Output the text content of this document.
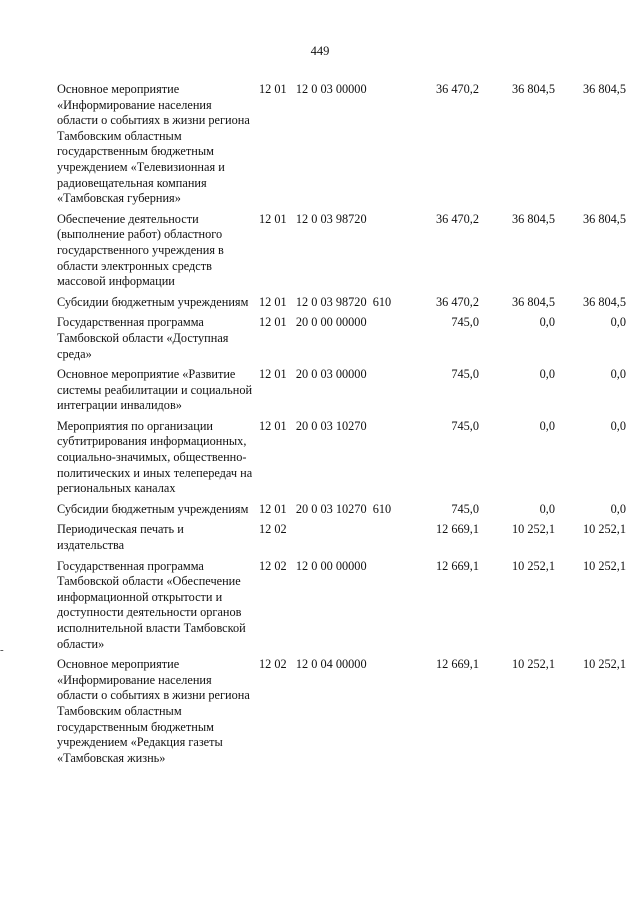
449
-
Основное мероприятие «Информирование населения области о событиях в жизни региона Тамбовским областным государственным бюджетным учреждением «Телевизионная и радиовещательная компания «Тамбовская губерния»	12 01   12 0 03 00000	36 470,2	36 804,5	36 804,5
Обеспечение деятельности (выполнение работ) областного государственного учреждения в области электронных средств массовой информации	12 01   12 0 03 98720	36 470,2	36 804,5	36 804,5
Субсидии бюджетным учреждениям	12 01   12 0 03 98720  610	36 470,2	36 804,5	36 804,5
Государственная программа Тамбовской области «Доступная среда»	12 01   20 0 00 00000	745,0	0,0	0,0
Основное мероприятие «Развитие системы реабилитации и социальной интеграции инвалидов»	12 01   20 0 03 00000	745,0	0,0	0,0
Мероприятия по организации субтитрирования информационных, социально-значимых, общественно-политических и иных телепередач на региональных каналах	12 01   20 0 03 10270	745,0	0,0	0,0
Субсидии бюджетным учреждениям	12 01   20 0 03 10270  610	745,0	0,0	0,0
Периодическая печать и издательства	12 02	12 669,1	10 252,1	10 252,1
Государственная программа Тамбовской области «Обеспечение информационной открытости и доступности деятельности органов исполнительной власти Тамбовской области»	12 02   12 0 00 00000	12 669,1	10 252,1	10 252,1
Основное мероприятие «Информирование населения области о событиях в жизни региона Тамбовским областным государственным бюджетным учреждением «Редакция газеты «Тамбовская жизнь»	12 02   12 0 04 00000	12 669,1	10 252,1	10 252,1
